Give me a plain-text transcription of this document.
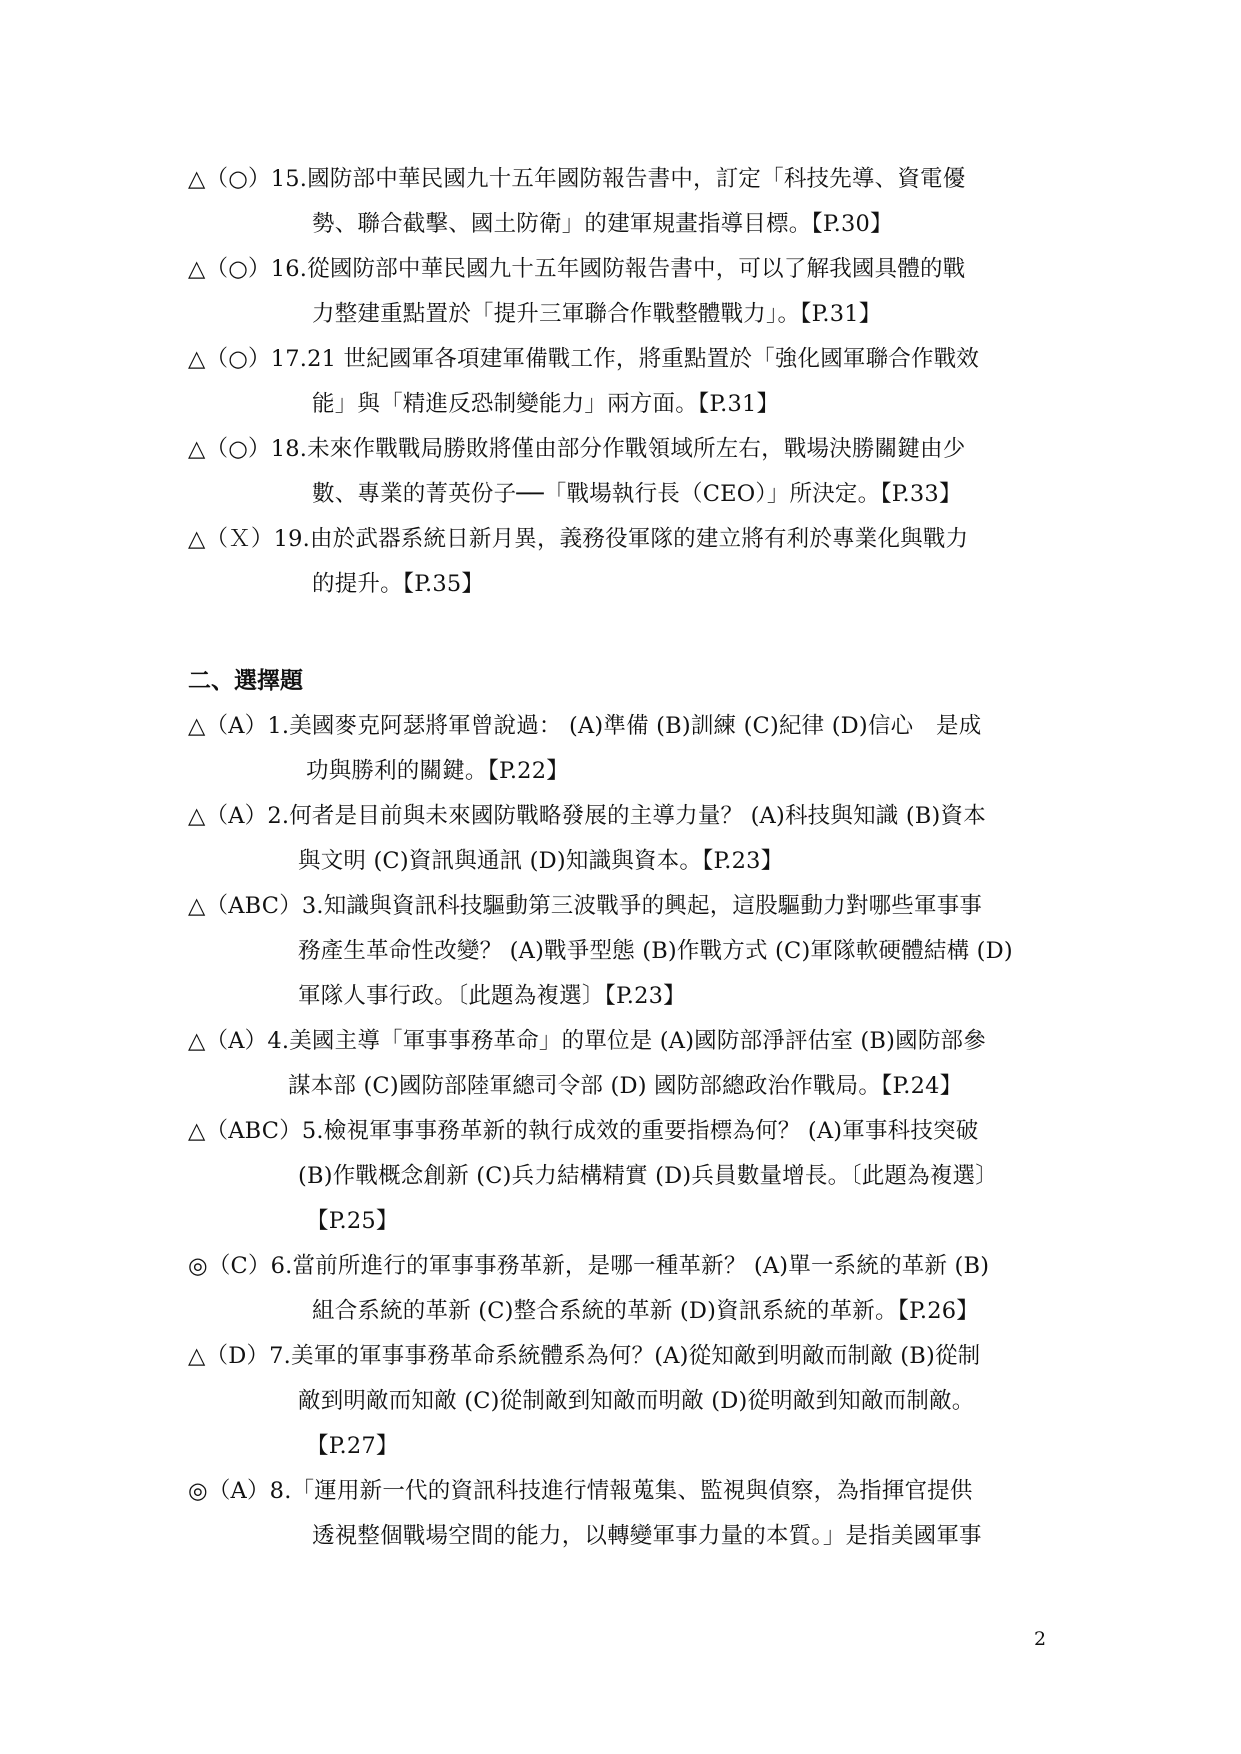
△（○）15.國防部中華民國九十五年國防報告書中，訂定「科技先導、資電優
勢、聯合截擊、國土防衛」的建軍規畫指導目標。【P.30】
△（○）16.從國防部中華民國九十五年國防報告書中，可以了解我國具體的戰
力整建重點置於「提升三軍聯合作戰整體戰力」。【P.31】
△（○）17.21 世紀國軍各項建軍備戰工作，將重點置於「強化國軍聯合作戰效
能」與「精進反恐制變能力」兩方面。【P.31】
△（○）18.未來作戰戰局勝敗將僅由部分作戰領域所左右，戰場決勝關鍵由少
數、專業的菁英份子──「戰場執行長（CEO）」所決定。【P.33】
△（Ｘ）19.由於武器系統日新月異，義務役軍隊的建立將有利於專業化與戰力
的提升。【P.35】
二、選擇題
△（A）1.美國麥克阿瑟將軍曾說過： (A)準備 (B)訓練 (C)紀律 (D)信心　是成
功與勝利的關鍵。【P.22】
△（A）2.何者是目前與未來國防戰略發展的主導力量？ (A)科技與知識 (B)資本
與文明 (C)資訊與通訊 (D)知識與資本。【P.23】
△（ABC）3.知識與資訊科技驅動第三波戰爭的興起，這股驅動力對哪些軍事事
務產生革命性改變？ (A)戰爭型態 (B)作戰方式 (C)軍隊軟硬體結構 (D)
軍隊人事行政。〔此題為複選〕【P.23】
△（A）4.美國主導「軍事事務革命」的單位是 (A)國防部淨評估室 (B)國防部參
謀本部 (C)國防部陸軍總司令部 (D) 國防部總政治作戰局。【P.24】
△（ABC）5.檢視軍事事務革新的執行成效的重要指標為何？ (A)軍事科技突破
(B)作戰概念創新 (C)兵力結構精實 (D)兵員數量增長。〔此題為複選〕
【P.25】
◎（C）6.當前所進行的軍事事務革新，是哪一種革新？ (A)單一系統的革新 (B)
組合系統的革新 (C)整合系統的革新 (D)資訊系統的革新。【P.26】
△（D）7.美軍的軍事事務革命系統體系為何？(A)從知敵到明敵而制敵 (B)從制
敵到明敵而知敵 (C)從制敵到知敵而明敵 (D)從明敵到知敵而制敵。
【P.27】
◎（A）8.「運用新一代的資訊科技進行情報蒐集、監視與偵察，為指揮官提供
透視整個戰場空間的能力，以轉變軍事力量的本質。」是指美國軍事
2
